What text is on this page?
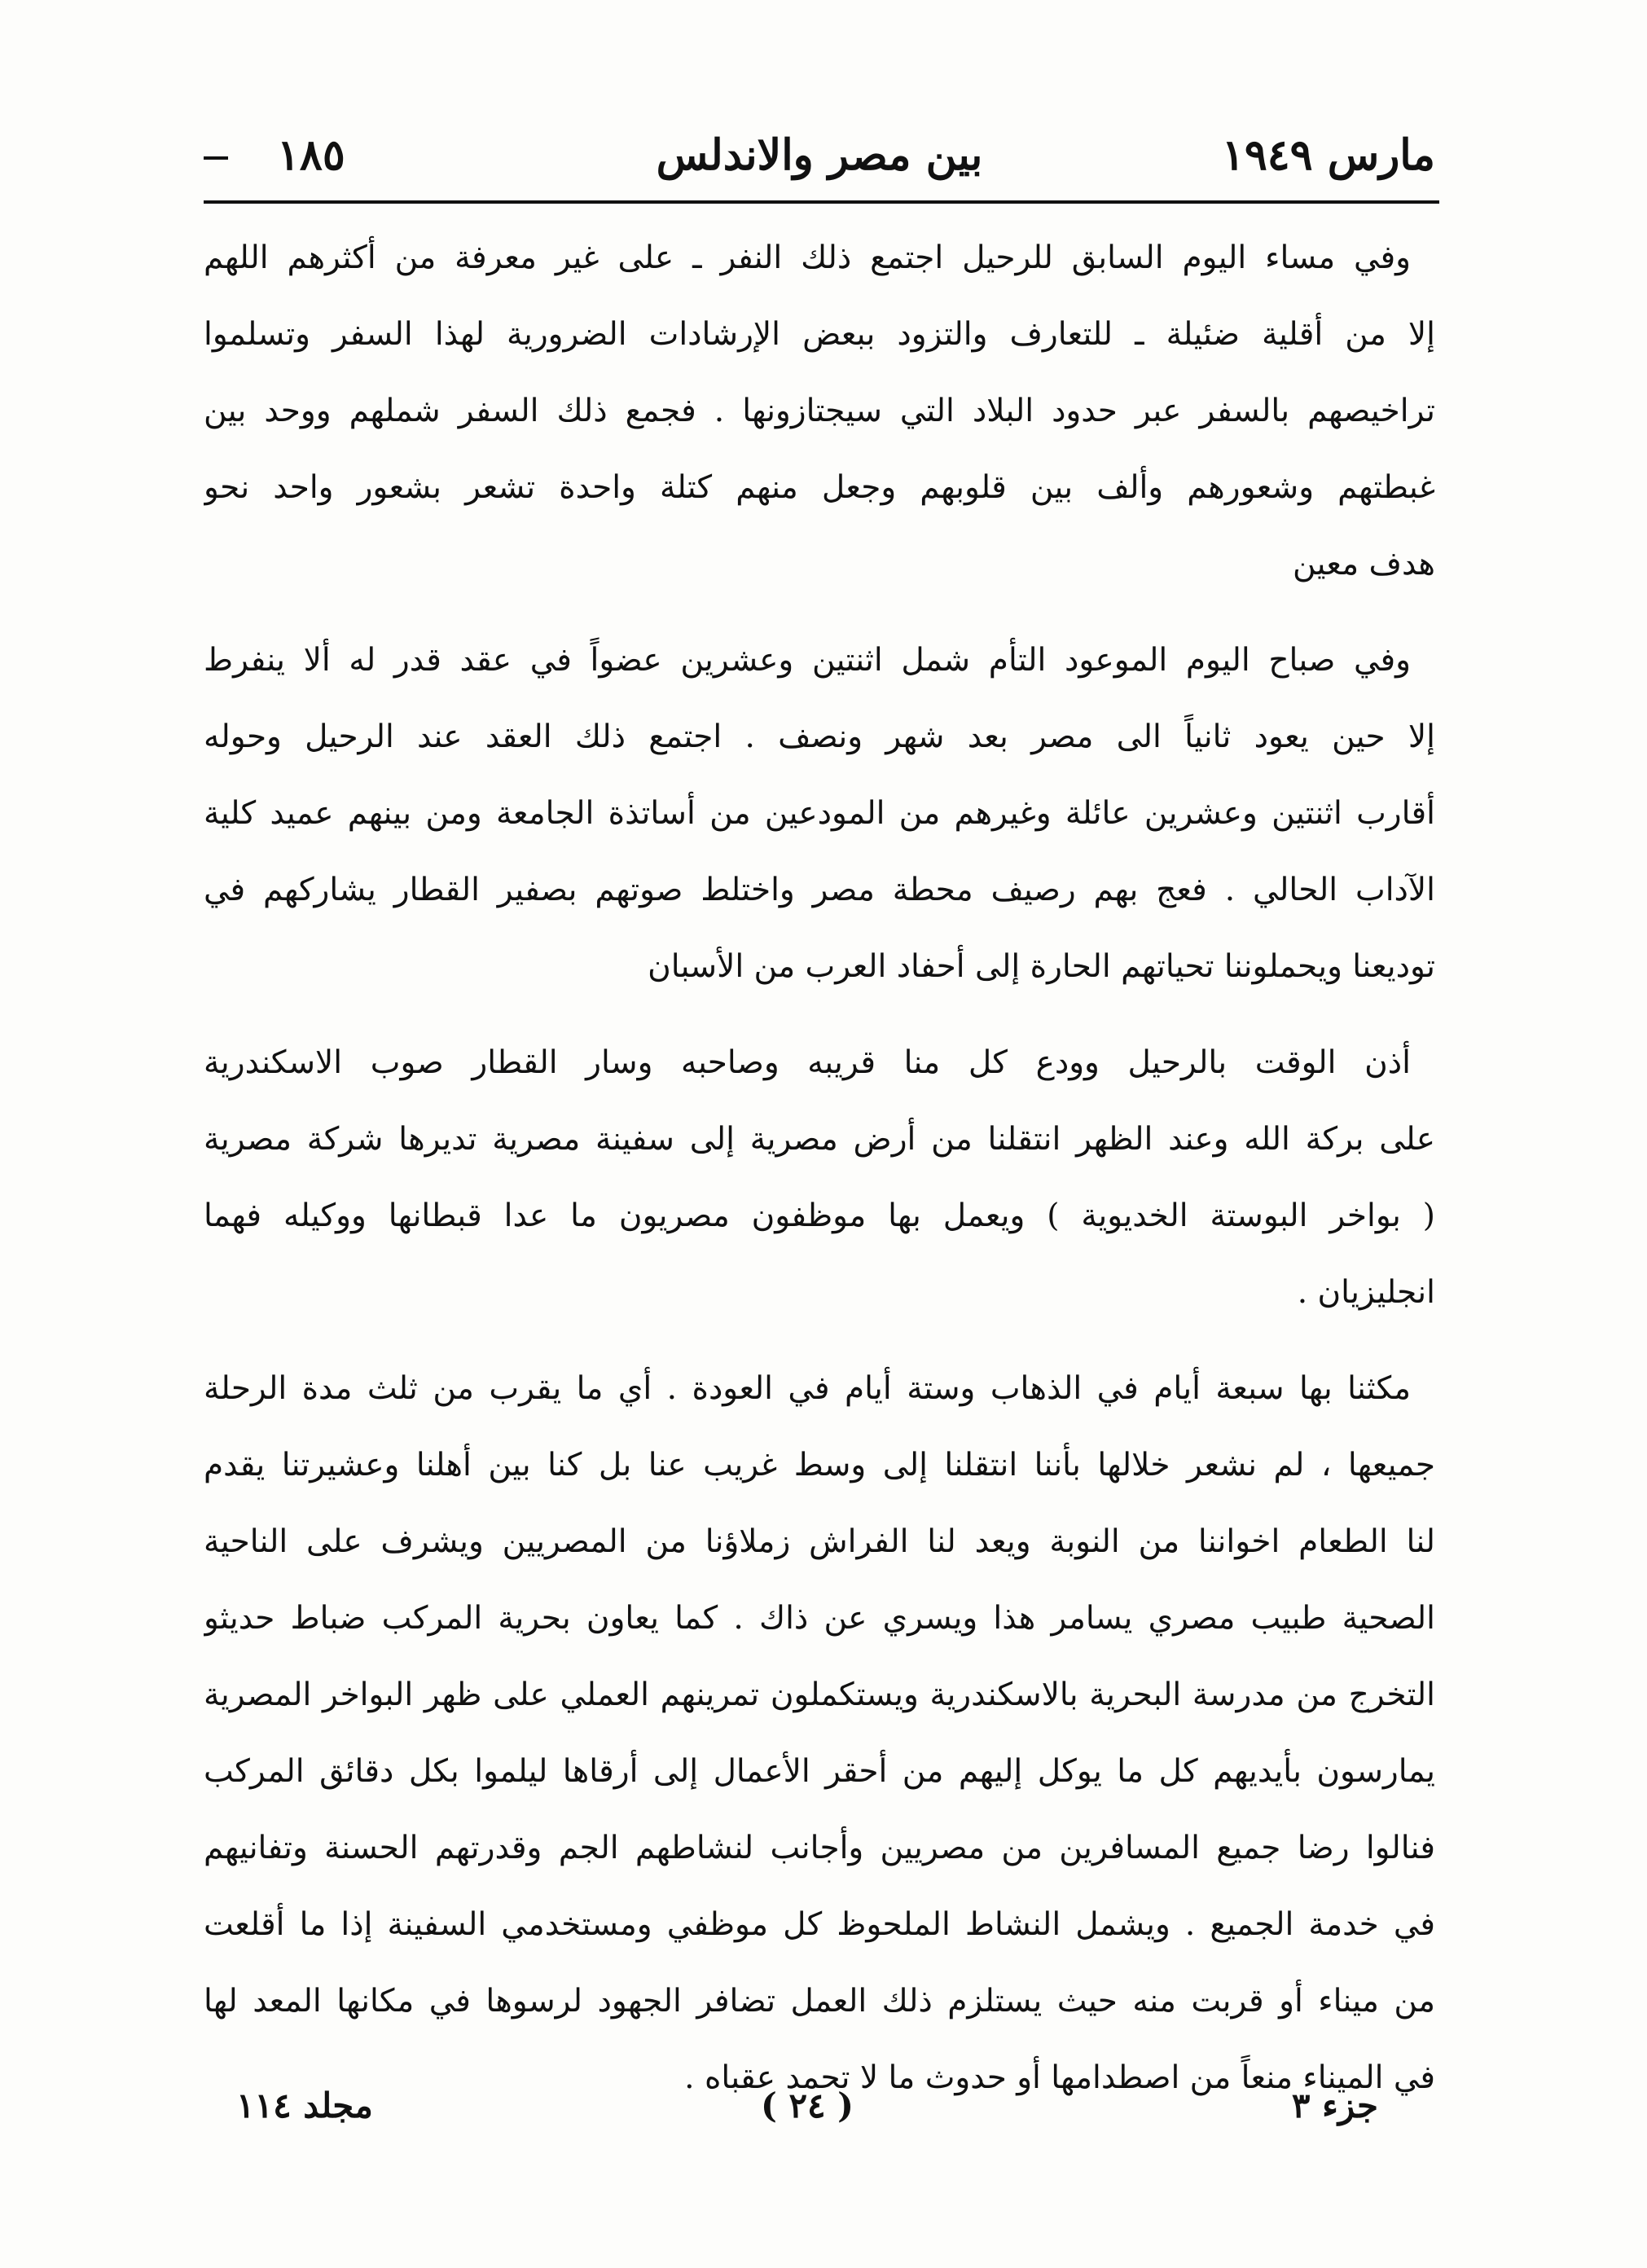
مارس ١٩٤٩
بين مصر والاندلس
١٨٥
وفي مساء اليوم السابق للرحيل اجتمع ذلك النفر ـ على غير معرفة من أكثرهم اللهم
إلا من أقلية ضئيلة ـ للتعارف والتزود ببعض الإرشادات الضرورية لهذا السفر وتسلموا
تراخيصهم بالسفر عبر حدود البلاد التي سيجتازونها . فجمع ذلك السفر شملهم ووحد بين
غبطتهم وشعورهم وألف بين قلوبهم وجعل منهم كتلة واحدة تشعر بشعور واحد نحو
هدف معين
وفي صباح اليوم الموعود التأم شمل اثنتين وعشرين عضواً في عقد قدر له ألا ينفرط
إلا حين يعود ثانياً الى مصر بعد شهر ونصف . اجتمع ذلك العقد عند الرحيل وحوله
أقارب اثنتين وعشرين عائلة وغيرهم من المودعين من أساتذة الجامعة ومن بينهم عميد كلية
الآداب الحالي . فعج بهم رصيف محطة مصر واختلط صوتهم بصفير القطار يشاركهم في
توديعنا ويحملوننا تحياتهم الحارة إلى أحفاد العرب من الأسبان
أذن الوقت بالرحيل وودع كل منا قريبه وصاحبه وسار القطار صوب الاسكندرية
على بركة الله وعند الظهر انتقلنا من أرض مصرية إلى سفينة مصرية تديرها شركة مصرية
( بواخر البوستة الخديوية ) ويعمل بها موظفون مصريون ما عدا قبطانها ووكيله فهما
انجليزيان .
مكثنا بها سبعة أيام في الذهاب وستة أيام في العودة . أي ما يقرب من ثلث مدة الرحلة
جميعها ، لم نشعر خلالها بأننا انتقلنا إلى وسط غريب عنا بل كنا بين أهلنا وعشيرتنا يقدم
لنا الطعام اخواننا من النوبة ويعد لنا الفراش زملاؤنا من المصريين ويشرف على الناحية
الصحية طبيب مصري يسامر هذا ويسري عن ذاك . كما يعاون بحرية المركب ضباط حديثو
التخرج من مدرسة البحرية بالاسكندرية ويستكملون تمرينهم العملي على ظهر البواخر المصرية
يمارسون بأيديهم كل ما يوكل إليهم من أحقر الأعمال إلى أرقاها ليلموا بكل دقائق المركب
فنالوا رضا جميع المسافرين من مصريين وأجانب لنشاطهم الجم وقدرتهم الحسنة وتفانيهم
في خدمة الجميع . ويشمل النشاط الملحوظ كل موظفي ومستخدمي السفينة إذا ما أقلعت
من ميناء أو قربت منه حيث يستلزم ذلك العمل تضافر الجهود لرسوها في مكانها المعد لها
في الميناء منعاً من اصطدامها أو حدوث ما لا تحمد عقباه .
جزء ٣
( ٢٤ )
مجلد ١١٤
